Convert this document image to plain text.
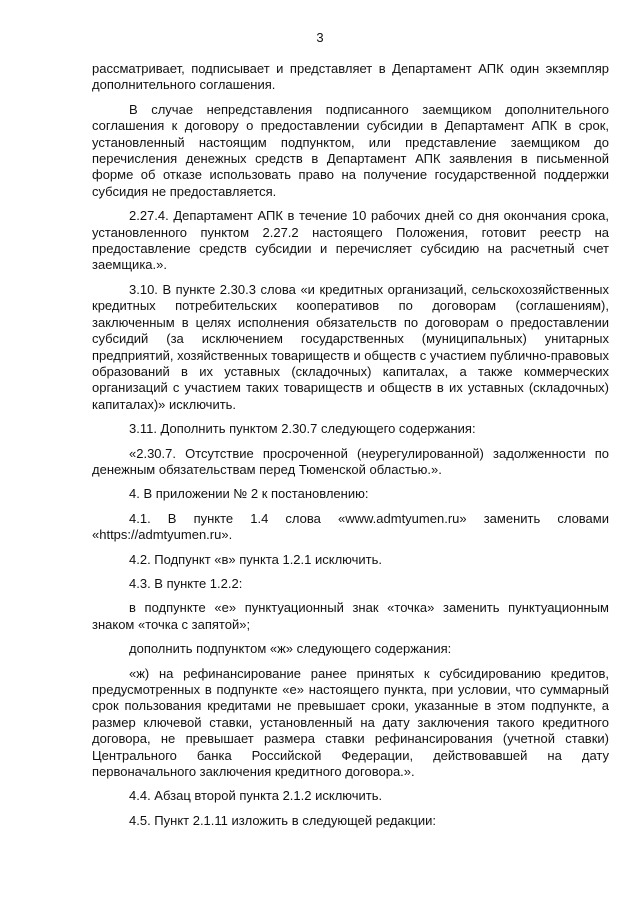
3

рассматривает, подписывает и представляет в Департамент АПК один экземпляр дополнительного соглашения.

В случае непредставления подписанного заемщиком дополнительного соглашения к договору о предоставлении субсидии в Департамент АПК в срок, установленный настоящим подпунктом, или представление заемщиком до перечисления денежных средств в Департамент АПК заявления в письменной форме об отказе использовать право на получение государственной поддержки субсидия не предоставляется.

2.27.4. Департамент АПК в течение 10 рабочих дней со дня окончания срока, установленного пунктом 2.27.2 настоящего Положения, готовит реестр на предоставление средств субсидии и перечисляет субсидию на расчетный счет заемщика.».

3.10. В пункте 2.30.3 слова «и кредитных организаций, сельскохозяйственных кредитных потребительских кооперативов по договорам (соглашениям), заключенным в целях исполнения обязательств по договорам о предоставлении субсидий (за исключением государственных (муниципальных) унитарных предприятий, хозяйственных товариществ и обществ с участием публично-правовых образований в их уставных (складочных) капиталах, а также коммерческих организаций с участием таких товариществ и обществ в их уставных (складочных) капиталах)» исключить.

3.11. Дополнить пунктом 2.30.7 следующего содержания:

«2.30.7. Отсутствие просроченной (неурегулированной) задолженности по денежным обязательствам перед Тюменской областью.».

4. В приложении № 2 к постановлению:

4.1. В пункте 1.4 слова «www.admtyumen.ru» заменить словами «https://admtyumen.ru».

4.2. Подпункт «в» пункта 1.2.1 исключить.

4.3. В пункте 1.2.2:

в подпункте «е» пунктуационный знак «точка» заменить пунктуационным знаком «точка с запятой»;

дополнить подпунктом «ж» следующего содержания:

«ж) на рефинансирование ранее принятых к субсидированию кредитов, предусмотренных в подпункте «е» настоящего пункта, при условии, что суммарный срок пользования кредитами не превышает сроки, указанные в этом подпункте, а размер ключевой ставки, установленный на дату заключения такого кредитного договора, не превышает размера ставки рефинансирования (учетной ставки) Центрального банка Российской Федерации, действовавшей на дату первоначального заключения кредитного договора.».

4.4. Абзац второй пункта 2.1.2 исключить.

4.5. Пункт 2.1.11 изложить в следующей редакции:
